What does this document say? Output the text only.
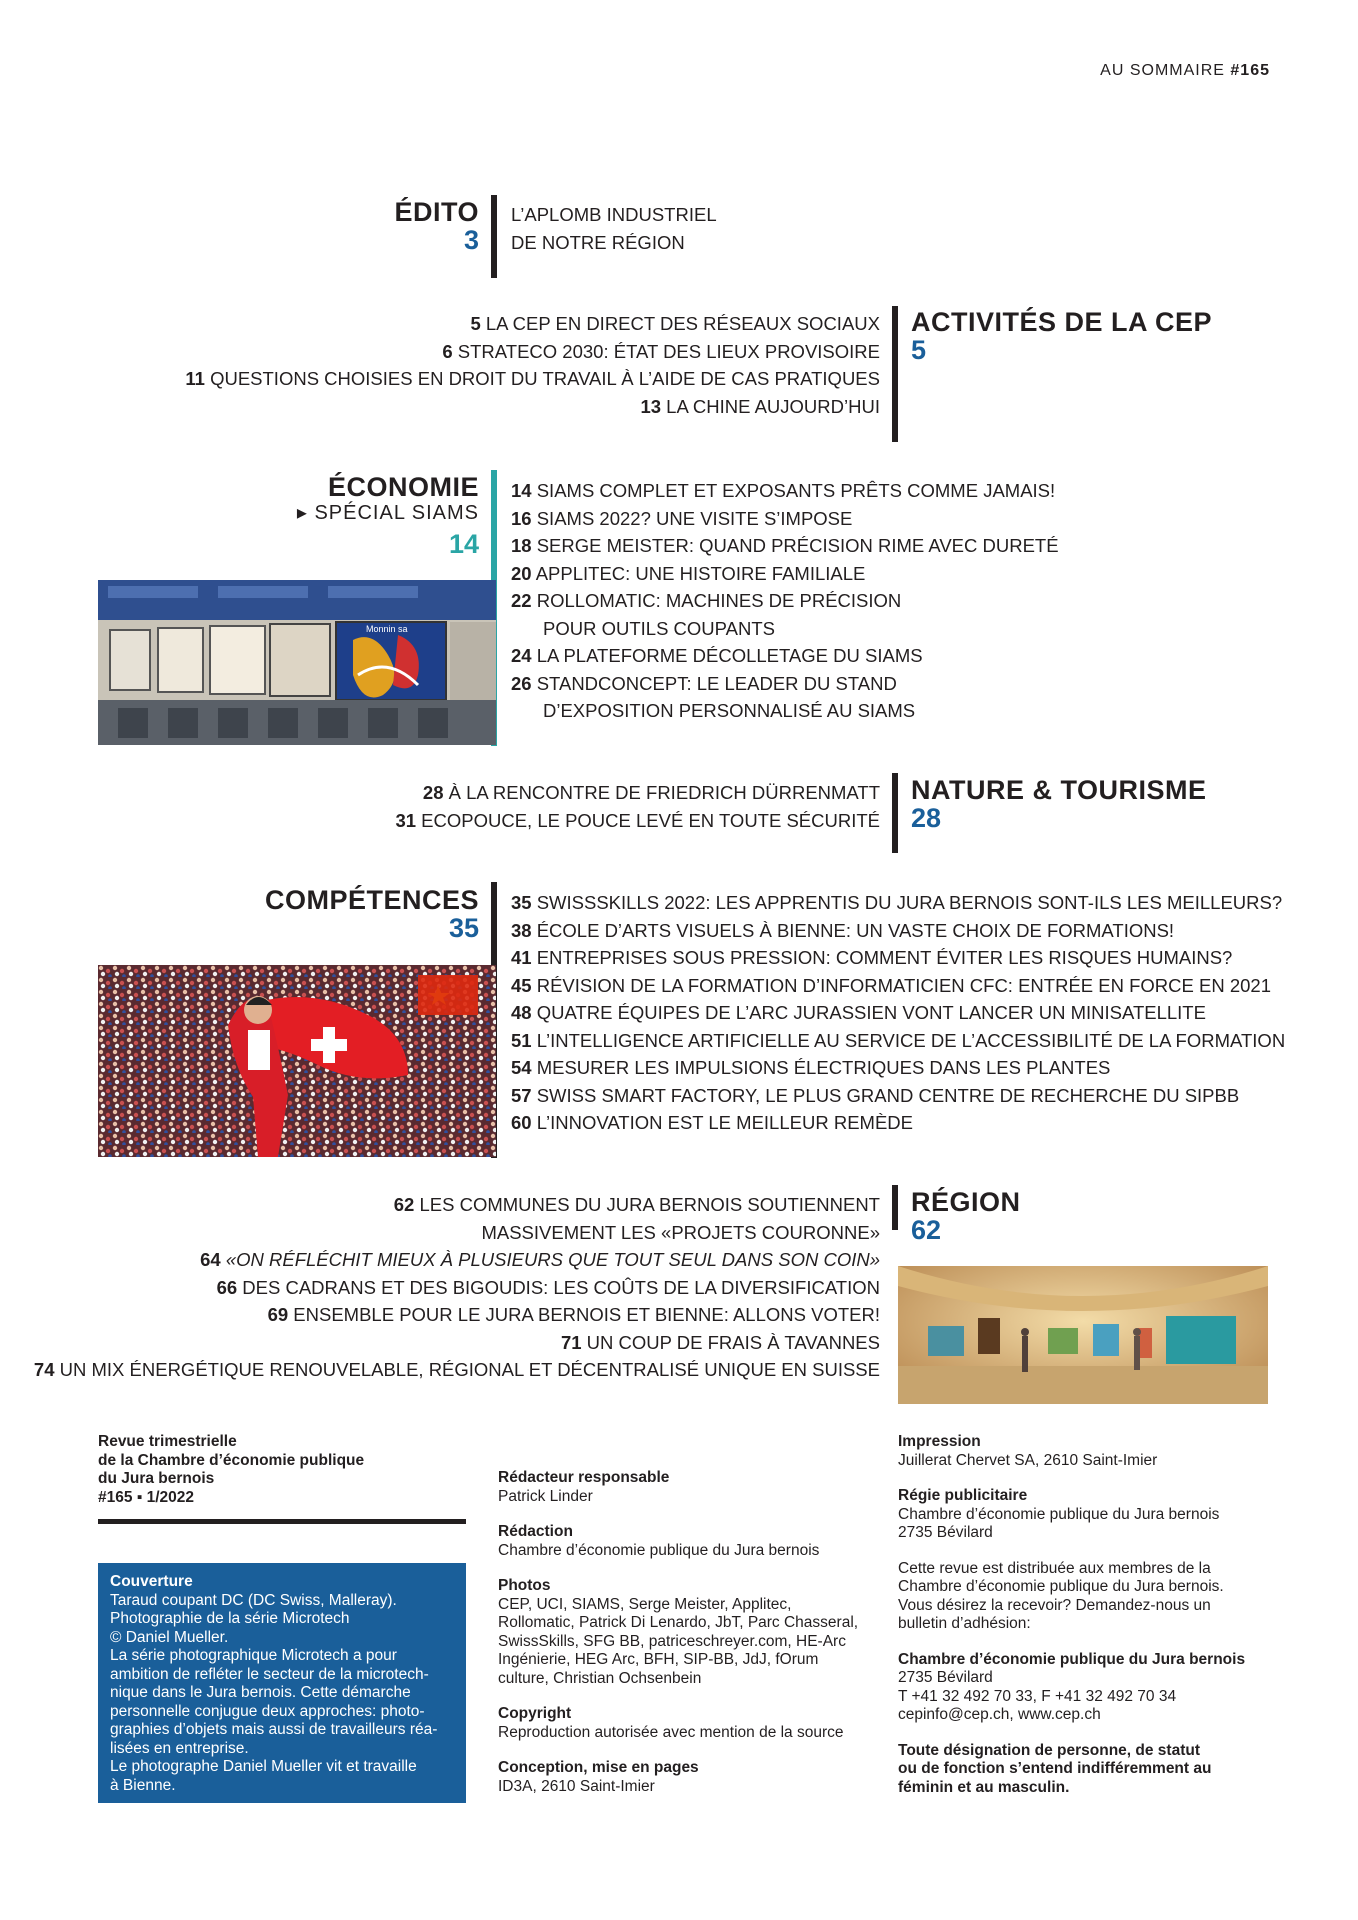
AU SOMMAIRE #165
ÉDITO
3
L’APLOMB INDUSTRIEL
DE NOTRE RÉGION
5 LA CEP EN DIRECT DES RÉSEAUX SOCIAUX
6 STRATECO 2030: ÉTAT DES LIEUX PROVISOIRE
11 QUESTIONS CHOISIES EN DROIT DU TRAVAIL À L’AIDE DE CAS PRATIQUES
13 LA CHINE AUJOURD’HUI
ACTIVITÉS DE LA CEP
5
ÉCONOMIE
▸ SPÉCIAL SIAMS
14
Monnin sa
14 SIAMS COMPLET ET EXPOSANTS PRÊTS COMME JAMAIS!
16 SIAMS 2022? UNE VISITE S’IMPOSE
18 SERGE MEISTER: QUAND PRÉCISION RIME AVEC DURETÉ
20 APPLITEC: UNE HISTOIRE FAMILIALE
22 ROLLOMATIC: MACHINES DE PRÉCISION
POUR OUTILS COUPANTS
24 LA PLATEFORME DÉCOLLETAGE DU SIAMS
26 STANDCONCEPT: LE LEADER DU STAND
D’EXPOSITION PERSONNALISÉ AU SIAMS
28 À LA RENCONTRE DE FRIEDRICH DÜRRENMATT
31 ECOPOUCE, LE POUCE LEVÉ EN TOUTE SÉCURITÉ
NATURE & TOURISME
28
COMPÉTENCES
35
35 SWISSSKILLS 2022: LES APPRENTIS DU JURA BERNOIS SONT-ILS LES MEILLEURS?
38 ÉCOLE D’ARTS VISUELS À BIENNE: UN VASTE CHOIX DE FORMATIONS!
41 ENTREPRISES SOUS PRESSION: COMMENT ÉVITER LES RISQUES HUMAINS?
45 RÉVISION DE LA FORMATION D’INFORMATICIEN CFC: ENTRÉE EN FORCE EN 2021
48 QUATRE ÉQUIPES DE L’ARC JURASSIEN VONT LANCER UN MINISATELLITE
51 L’INTELLIGENCE ARTIFICIELLE AU SERVICE DE L’ACCESSIBILITÉ DE LA FORMATION
54 MESURER LES IMPULSIONS ÉLECTRIQUES DANS LES PLANTES
57 SWISS SMART FACTORY, LE PLUS GRAND CENTRE DE RECHERCHE DU SIPBB
60 L’INNOVATION EST LE MEILLEUR REMÈDE
62 LES COMMUNES DU JURA BERNOIS SOUTIENNENT
MASSIVEMENT LES «PROJETS COURONNE»
64 «ON RÉFLÉCHIT MIEUX À PLUSIEURS QUE TOUT SEUL DANS SON COIN»
66 DES CADRANS ET DES BIGOUDIS: LES COÛTS DE LA DIVERSIFICATION
69 ENSEMBLE POUR LE JURA BERNOIS ET BIENNE: ALLONS VOTER!
71 UN COUP DE FRAIS À TAVANNES
74 UN MIX ÉNERGÉTIQUE RENOUVELABLE, RÉGIONAL ET DÉCENTRALISÉ UNIQUE EN SUISSE
RÉGION
62

Revue trimestrielle

de la Chambre d’économie publique

du Jura bernois

#165 ▪ 1/2022

Couverture

Taraud coupant DC (DC Swiss, Malleray).

Photographie de la série Microtech

© Daniel Mueller.

La série photographique Microtech a pour

ambition de refléter le secteur de la microtech-

nique dans le Jura bernois. Cette démarche

personnelle conjugue deux approches: photo-

graphies d’objets mais aussi de travailleurs réa-

lisées en entreprise.

Le photographe Daniel Mueller vit et travaille

à Bienne.

Rédacteur responsable

Patrick Linder

Rédaction

Chambre d’économie publique du Jura bernois

Photos

CEP, UCI, SIAMS, Serge Meister, Applitec,

Rollomatic, Patrick Di Lenardo, JbT, Parc Chasseral,

SwissSkills, SFG BB, patriceschreyer.com, HE-Arc

Ingénierie, HEG Arc, BFH, SIP-BB, JdJ, fOrum

culture, Christian Ochsenbein

Copyright

Reproduction autorisée avec mention de la source

Conception, mise en pages

ID3A, 2610 Saint-Imier

Impression

Juillerat Chervet SA, 2610 Saint-Imier

Régie publicitaire

Chambre d’économie publique du Jura bernois

2735 Bévilard

Cette revue est distribuée aux membres de la

Chambre d’économie publique du Jura bernois.

Vous désirez la recevoir? Demandez-nous un

bulletin d’adhésion:

Chambre d’économie publique du Jura bernois

2735 Bévilard

T +41 32 492 70 33, F +41 32 492 70 34

cepinfo@cep.ch, www.cep.ch

Toute désignation de personne, de statut

ou de fonction s’entend indifféremment au

féminin et au masculin.
